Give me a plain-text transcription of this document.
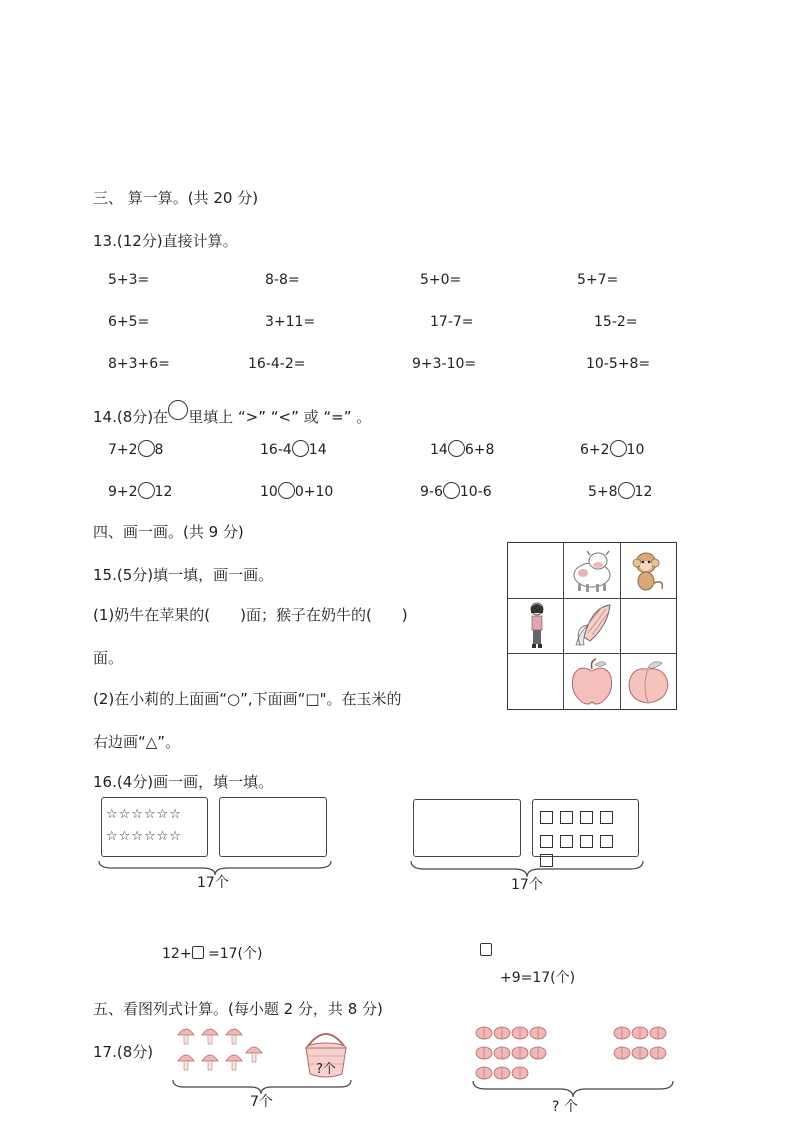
三、 算一算。(共 20 分)
13.(12分)直接计算。
5+3=	8-8=	5+0=	5+7=
6+5=	3+11=	17-7=	15-2=
8+3+6=	16-4-2=	9+3-10=	10-5+8=
14.(8分)在 里填上 “>” “<” 或 “=” 。
7+2 8	16-4 14	14 6+8	6+2 10
9+2 12	10 0+10	9-6 10-6	5+8 12
四、画一画。(共 9 分)
15.(5分)填一填，画一画。
(1)奶牛在苹果的(　　)面；猴子在奶牛的(　　)
面。
(2)在小莉的上面画“○”,下面画“□"。在玉米的
右边画“△”。
16.(4分)画一画，填一填。
☆☆☆☆☆☆
☆☆☆☆☆☆
17个	17个
12+ =17(个)
+9=17(个)
五、看图列式计算。(每小题 2 分，共 8 分)
17.(8分)
?个
7个	? 个
